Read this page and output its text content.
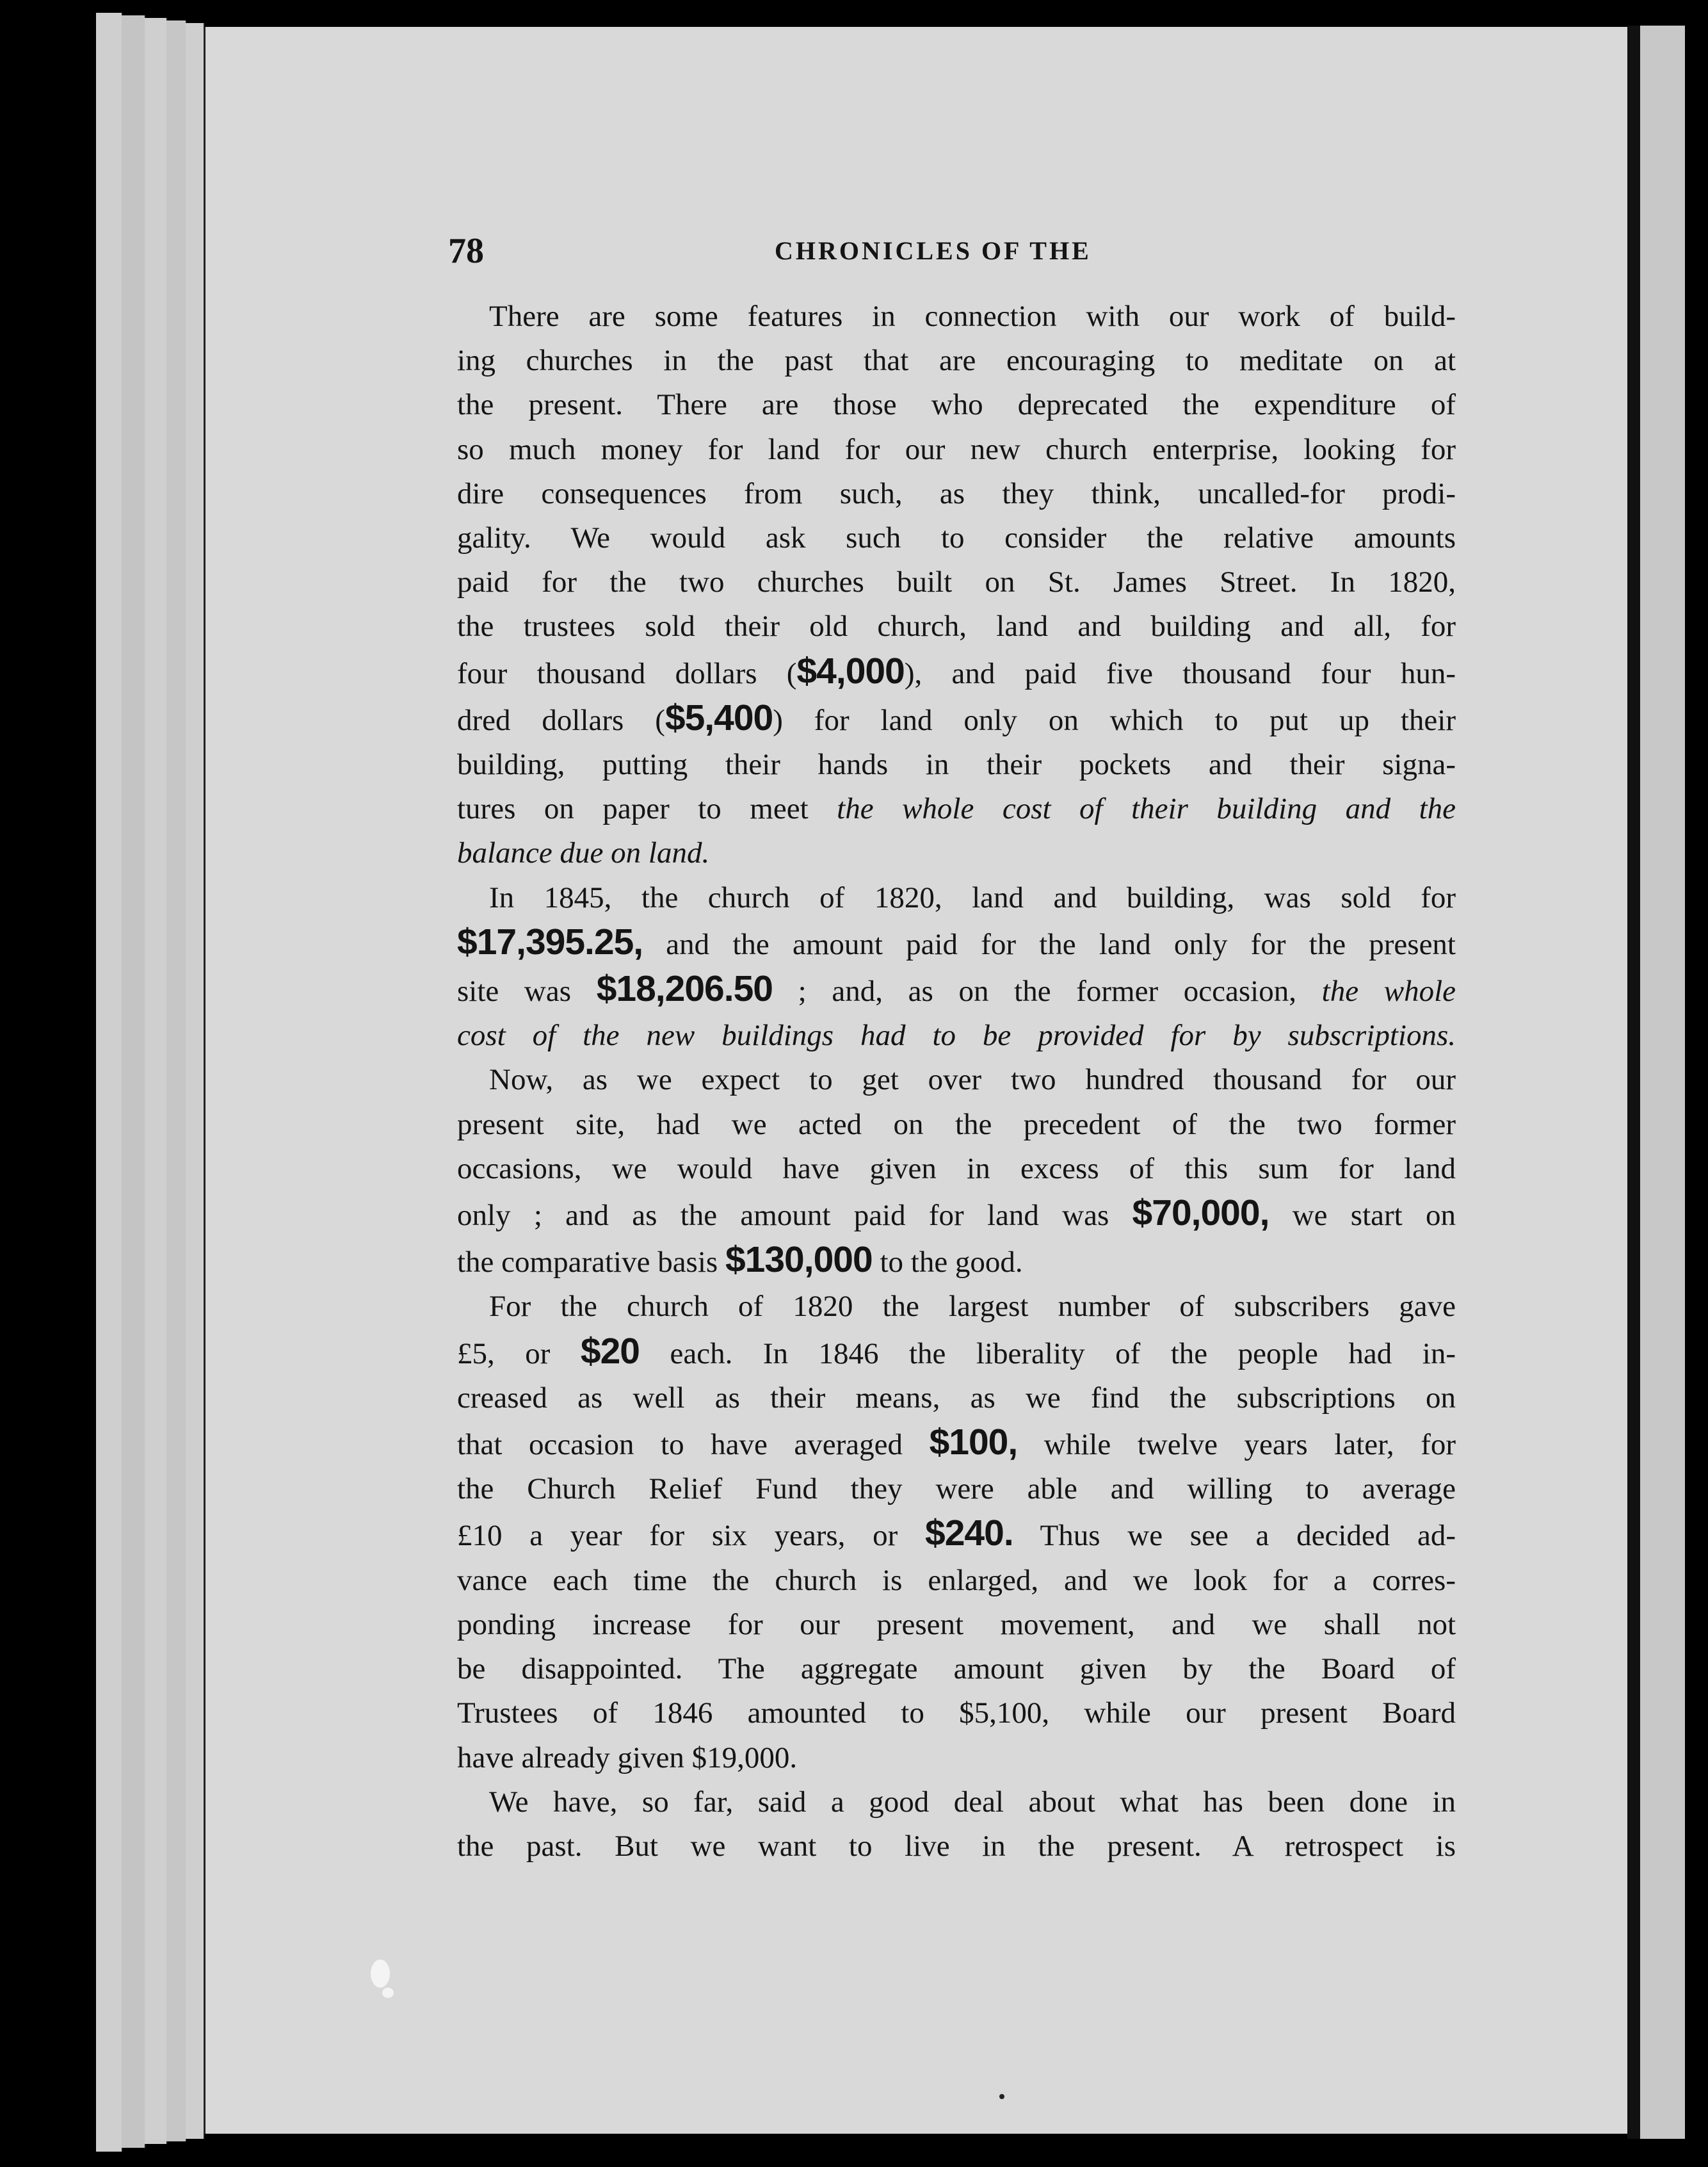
78	CHRONICLES OF THE
There are some features in connection with our work of build-
ing churches in the past that are encouraging to meditate on at
the present. There are those who deprecated the expenditure of
so much money for land for our new church enterprise, looking for
dire consequences from such, as they think, uncalled-for prodi-
gality. We would ask such to consider the relative amounts
paid for the two churches built on St. James Street. In 1820,
the trustees sold their old church, land and building and all, for
four thousand dollars ($4,000), and paid five thousand four hun-
dred dollars ($5,400) for land only on which to put up their
building, putting their hands in their pockets and their signa-
tures on paper to meet the whole cost of their building and the
balance due on land.
In 1845, the church of 1820, land and building, was sold for
$17,395.25, and the amount paid for the land only for the present
site was $18,206.50 ; and, as on the former occasion, the whole
cost of the new buildings had to be provided for by subscriptions.
Now, as we expect to get over two hundred thousand for our
present site, had we acted on the precedent of the two former
occasions, we would have given in excess of this sum for land
only ; and as the amount paid for land was $70,000, we start on
the comparative basis $130,000 to the good.
For the church of 1820 the largest number of subscribers gave
£5, or $20 each. In 1846 the liberality of the people had in-
creased as well as their means, as we find the subscriptions on
that occasion to have averaged $100, while twelve years later, for
the Church Relief Fund they were able and willing to average
£10 a year for six years, or $240. Thus we see a decided ad-
vance each time the church is enlarged, and we look for a corres-
ponding increase for our present movement, and we shall not
be disappointed. The aggregate amount given by the Board of
Trustees of 1846 amounted to $5,100, while our present Board
have already given $19,000.
We have, so far, said a good deal about what has been done in
the past. But we want to live in the present. A retrospect is
